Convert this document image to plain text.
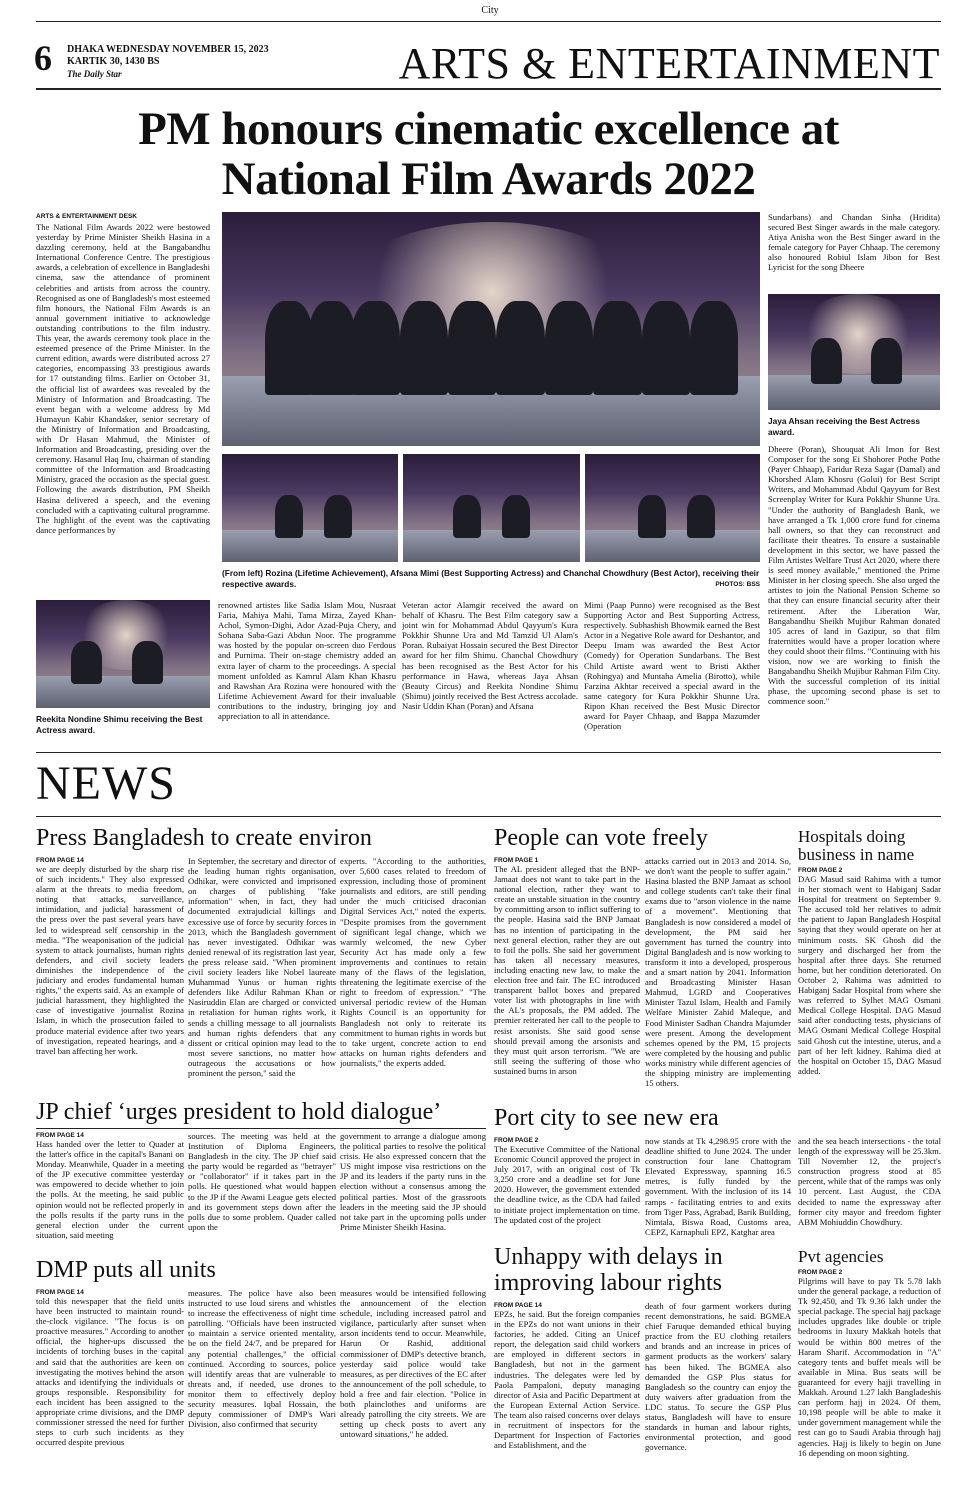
City
6 DHAKA WEDNESDAY NOVEMBER 15, 2023
KARTIK 30, 1430 BS
The Daily Star	ARTS & ENTERTAINMENT
PM honours cinematic excellence at
National Film Awards 2022
ARTS & ENTERTAINMENT DESK
The National Film Awards 2022 were bestowed yesterday by Prime Minister Sheikh Hasina in a dazzling ceremony, held at the Bangabandhu International Conference Centre. The prestigious awards, a celebration of excellence in Bangladeshi cinema, saw the attendance of prominent celebrities and artists from across the country. Recognised as one of Bangladesh's most esteemed film honours, the National Film Awards is an annual government initiative to acknowledge outstanding contributions to the film industry. This year, the awards ceremony took place in the esteemed presence of the Prime Minister. In the current edition, awards were distributed across 27 categories, encompassing 33 prestigious awards for 17 outstanding films. Earlier on October 31, the official list of awardees was revealed by the Ministry of Information and Broadcasting. The event began with a welcome address by Md Humayun Kabir Khandaker, senior secretary of the Ministry of Information and Broadcasting, with Dr Hasan Mahmud, the Minister of Information and Broadcasting, presiding over the ceremony. Hasanul Haq Inu, chairman of standing committee of the Information and Broadcasting Ministry, graced the occasion as the special guest. Following the awards distribution, PM Sheikh Hasina delivered a speech, and the evening concluded with a captivating cultural programme. The highlight of the event was the captivating dance performances by
Sundarbans) and Chandan Sinha (Hridita) secured Best Singer awards in the male category. Atiya Anisha won the Best Singer award in the female category for Payer Chhaap. The ceremony also honoured Robiul Islam Jibon for Best Lyricist for the song Dheere
Jaya Ahsan receiving the Best Actress award.
(From left) Rozina (Lifetime Achievement), Afsana Mimi (Best Supporting Actress) and Chanchal Chowdhury (Best Actor), receiving their respective awards.	PHOTOS: BSS
Dheere (Poran), Shouquat Ali Imon for Best Composer for the song Ei Shohorer Pothe Pothe (Payer Chhaap), Faridur Reza Sagar (Damal) and Khorshed Alam Khosru (Golui) for Best Script Writers, and Mohammad Abdul Qayyum for Best Screenplay Writer for Kura Pokkhir Shunne Ura. "Under the authority of Bangladesh Bank, we have arranged a Tk 1,000 crore fund for cinema hall owners, so that they can reconstruct and facilitate their theatres. To ensure a sustainable development in this sector, we have passed the Film Artistes Welfare Trust Act 2020, where there is seed money available," mentioned the Prime Minister in her closing speech. She also urged the artistes to join the National Pension Scheme so that they can ensure financial security after their retirement. After the Liberation War, Bangabandhu Sheikh Mujibur Rahman donated 105 acres of land in Gazipur, so that film fraternities would have a proper location where they could shoot their films. "Continuing with his vision, now we are working to finish the Bangabandhu Sheikh Mujibur Rahman Film City. With the successful completion of its initial phase, the upcoming second phase is set to commence soon."
Reekita Nondine Shimu receiving the Best Actress award.
renowned artistes like Sadia Islam Mou, Nusraat Faria, Mahiya Mahi, Tama Mirza, Zayed Khan-Achol, Symon-Dighi, Ador Azad-Puja Chery, and Sohana Saba-Gazi Abdun Noor. The programme was hosted by the popular on-screen duo Ferdous and Purnima. Their on-stage chemistry added an extra layer of charm to the proceedings. A special moment unfolded as Kamrul Alam Khan Khasru and Rawshan Ara Rozina were honoured with the Lifetime Achievement Award for their invaluable contributions to the industry, bringing joy and appreciation to all in attendance.
Veteran actor Alamgir received the award on behalf of Khasru. The Best Film category saw a joint win for Mohammad Abdul Qayyum's Kura Pokkhir Shunne Ura and Md Tamzid Ul Alam's Poran. Rubaiyat Hossain secured the Best Director award for her film Shimu. Chanchal Chowdhury has been recognised as the Best Actor for his performance in Hawa, whereas Jaya Ahsan (Beauty Circus) and Reekita Nondine Shimu (Shimu) jointly received the Best Actress accolade. Nasir Uddin Khan (Poran) and Afsana
Mimi (Paap Punno) were recognised as the Best Supporting Actor and Best Supporting Actress, respectively. Subhashish Bhowmik earned the Best Actor in a Negative Role award for Deshantor, and Deepu Imam was awarded the Best Actor (Comedy) for Operation Sundarbans. The Best Child Artiste award went to Bristi Akther (Rohingya) and Muntaha Amelia (Birotto), while Farzina Akhtar received a special award in the same category for Kura Pokkhir Shunne Ura. Ripon Khan received the Best Music Director award for Payer Chhaap, and Bappa Mazumder (Operation
NEWS
Press Bangladesh to create environ
FROM PAGE 14
we are deeply disturbed by the sharp rise of such incidents." They also expressed alarm at the threats to media freedom, noting that attacks, surveillance, intimidation, and judicial harassment of the press over the past several years have led to widespread self censorship in the media. "The weaponisation of the judicial system to attack journalists, human rights defenders, and civil society leaders diminishes the independence of the judiciary and erodes fundamental human rights," the experts said. As an example of judicial harassment, they highlighted the case of investigative journalist Rozina Islam, in which the prosecution failed to produce material evidence after two years of investigation, repeated hearings, and a travel ban affecting her work.
In September, the secretary and director of the leading human rights organisation, Odhikar, were convicted and imprisoned on charges of publishing "fake information" when, in fact, they had documented extrajudicial killings and excessive use of force by security forces in 2013, which the Bangladesh government has never investigated. Odhikar was denied renewal of its registration last year, the press release said. "When prominent civil society leaders like Nobel laureate Muhammad Yunus or human rights defenders like Adilur Rahman Khan or Nasiruddin Elan are charged or convicted in retaliation for human rights work, it sends a chilling message to all journalists and human rights defenders that any dissent or critical opinion may lead to the most severe sanctions, no matter how outrageous the accusations or how prominent the person," said the
experts. "According to the authorities, over 5,600 cases related to freedom of expression, including those of prominent journalists and editors, are still pending under the much criticised draconian Digital Services Act," noted the experts. "Despite promises from the government of significant legal change, which we warmly welcomed, the new Cyber Security Act has made only a few improvements and continues to retain many of the flaws of the legislation, threatening the legitimate exercise of the right to freedom of expression." "The universal periodic review of the Human Rights Council is an opportunity for Bangladesh not only to reiterate its commitment to human rights in words but to take urgent, concrete action to end attacks on human rights defenders and journalists," the experts added.
People can vote freely
FROM PAGE 1
The AL president alleged that the BNP-Jamaat does not want to take part in the national election, rather they want to create an unstable situation in the country by committing arson to inflict suffering to the people. Hasina said the BNP Jamaat has no intention of participating in the next general election, rather they are out to foil the polls. She said her government has taken all necessary measures, including enacting new law, to make the election free and fair. The EC introduced transparent ballot boxes and prepared voter list with photographs in line with the AL's proposals, the PM added. The premier reiterated her call to the people to resist arsonists. She said good sense should prevail among the arsonists and they must quit arson terrorism. "We are still seeing the suffering of those who sustained burns in arson
attacks carried out in 2013 and 2014. So, we don't want the people to suffer again." Hasina blasted the BNP Jamaat as school and college students can't take their final exams due to "arson violence in the name of a movement". Mentioning that Bangladesh is now considered a model of development, the PM said her government has turned the country into Digital Bangladesh and is now working to transform it into a developed, prosperous and a smart nation by 2041. Information and Broadcasting Minister Hasan Mahmud, LGRD and Cooperatives Minister Tazul Islam, Health and Family Welfare Minister Zahid Maleque, and Food Minister Sadhan Chandra Majumder were present. Among the development schemes opened by the PM, 15 projects were completed by the housing and public works ministry while different agencies of the shipping ministry are implementing 15 others.
Hospitals doing
business in name
FROM PAGE 2
DAG Masud said Rahima with a tumor in her stomach went to Habiganj Sadar Hospital for treatment on September 9. The accused told her relatives to admit the patient to Japan Bangladesh Hospital saying that they would operate on her at minimum costs. SK Ghosh did the surgery and discharged her from the hospital after three days. She returned home, but her condition deteriorated. On October 2, Rahima was admitted to Habiganj Sadar Hospital from where she was referred to Sylhet MAG Osmani Medical College Hospital. DAG Masud said after conducting tests, physicians of MAG Osmani Medical College Hospital said Ghosh cut the intestine, uterus, and a part of her left kidney. Rahima died at the hospital on October 15, DAG Masud added.
JP chief ‘urges president to hold dialogue’
FROM PAGE 14
Hass handed over the letter to Quader at the latter's office in the capital's Banani on Monday. Meanwhile, Quader in a meeting of the JP executive committee yesterday was empowered to decide whether to join the polls. At the meeting, he said public opinion would not be reflected properly in the polls results if the party runs in the general election under the current situation, said meeting
sources. The meeting was held at the Institution of Diploma Engineers, Bangladesh in the city. The JP chief said the party would be regarded as "betrayer" or "collaborator" if it takes part in the polls. He questioned what would happen to the JP if the Awami League gets elected and its government steps down after the polls due to some problem. Quader called upon the
government to arrange a dialogue among the political parties to resolve the political crisis. He also expressed concern that the US might impose visa restrictions on the JP and its leaders if the party runs in the election without a consensus among the political parties. Most of the grassroots leaders in the meeting said the JP should not take part in the upcoming polls under Prime Minister Sheikh Hasina.
Port city to see new era
FROM PAGE 2
The Executive Committee of the National Economic Council approved the project in July 2017, with an original cost of Tk 3,250 crore and a deadline set for June 2020. However, the government extended the deadline twice, as the CDA had failed to initiate project implementation on time. The updated cost of the project
now stands at Tk 4,298.95 crore with the deadline shifted to June 2024. The under construction four lane Chattogram Elevated Expressway, spanning 16.5 metres, is fully funded by the government. With the inclusion of its 14 ramps - facilitating entries to and exits from Tiger Pass, Agrabad, Barik Building, Nimtala, Biswa Road, Customs area, CEPZ, Karnaphuli EPZ, Katghar area
and the sea beach intersections - the total length of the expressway will be 25.3km. Till November 12, the project's construction progress stood at 85 percent, while that of the ramps was only 10 percent. Last August, the CDA decided to name the expressway after former city mayor and freedom fighter ABM Mohiuddin Chowdhury.
DMP puts all units
FROM PAGE 14
told this newspaper that the field units have been instructed to maintain round-the-clock vigilance. "The focus is on proactive measures." According to another official, the higher-ups discussed the incidents of torching buses in the capital and said that the authorities are keen on investigating the motives behind the arson attacks and identifying the individuals or groups responsible. Responsibility for each incident has been assigned to the appropriate crime divisions, and the DMP commissioner stressed the need for further steps to curb such incidents as they occurred despite previous
measures. The police have also been instructed to use loud sirens and whistles to increase the effectiveness of night time patrolling. "Officials have been instructed to maintain a service oriented mentality, be on the field 24/7, and be prepared for any potential challenges," the official continued. According to sources, police will identify areas that are vulnerable to threats and, if needed, use drones to monitor them to effectively deploy security measures. Iqbal Hossain, the deputy commissioner of DMP's Wari Division, also confirmed that security
measures would be intensified following the announcement of the election schedule, including increased patrol and vigilance, particularly after sunset when arson incidents tend to occur. Meanwhile, Harun Or Rashid, additional commissioner of DMP's detective branch, yesterday said police would take measures, as per directives of the EC after the announcement of the poll schedule, to hold a free and fair election. "Police in both plainclothes and uniforms are already patrolling the city streets. We are setting up check posts to avert any untoward situations," he added.
Unhappy with delays in
improving labour rights
FROM PAGE 14
EPZs, he said. But the foreign companies in the EPZs do not want unions in their factories, he added. Citing an Unicef report, the delegation said child workers are employed in different sectors in Bangladesh, but not in the garment industries. The delegates were led by Paola Pampaloni, deputy managing director of Asia and Pacific Department at the European External Action Service. The team also raised concerns over delays in recruitment of inspectors for the Department for Inspection of Factories and Establishment, and the
death of four garment workers during recent demonstrations, he said. BGMEA chief Faruque demanded ethical buying practice from the EU clothing retailers and brands and an increase in prices of garment products as the workers' salary has been hiked. The BGMEA also demanded the GSP Plus status for Bangladesh so the country can enjoy the duty waivers after graduation from the LDC status. To secure the GSP Plus status, Bangladesh will have to ensure standards in human and labour rights, environmental protection, and good governance.
Pvt agencies
FROM PAGE 2
Pilgrims will have to pay Tk 5.78 lakh under the general package, a reduction of Tk 92,450, and Tk 9.36 lakh under the special package. The special hajj package includes upgrades like double or triple bedrooms in luxury Makkah hotels that would be within 800 metres of the Haram Sharif. Accommodation in "A" category tents and buffet meals will be available in Mina. Bus seats will be guaranteed for every hajji travelling in Makkah. Around 1.27 lakh Bangladeshis can perform hajj in 2024. Of them, 10,198 people will be able to make it under government management while the rest can go to Saudi Arabia through hajj agencies. Hajj is likely to begin on June 16 depending on moon sighting.
